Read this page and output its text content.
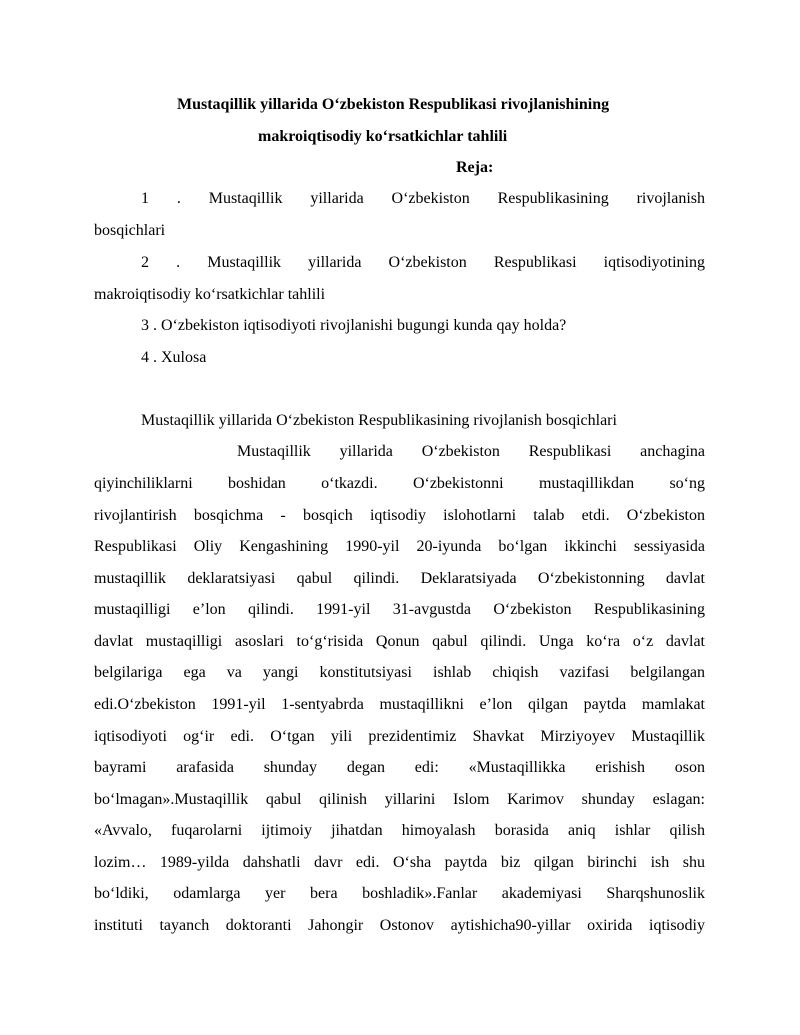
Mustaqillik yillarida O‘zbekiston Respublikasi rivojlanishining
makroiqtisodiy ko‘rsatkichlar tahlili
Reja:
1 . Mustaqillik yillarida O‘zbekiston Respublikasining rivojlanish
bosqichlari
2 . Mustaqillik yillarida O‘zbekiston Respublikasi iqtisodiyotining
makroiqtisodiy ko‘rsatkichlar tahlili
3 . O‘zbekiston iqtisodiyoti rivojlanishi bugungi kunda qay holda?
4 . Xulosa
Mustaqillik yillarida O‘zbekiston Respublikasining rivojlanish bosqichlari
Mustaqillik yillarida O‘zbekiston Respublikasi anchagina
qiyinchiliklarni boshidan o‘tkazdi. O‘zbekistonni mustaqillikdan so‘ng
rivojlantirish bosqichma - bosqich iqtisodiy islohotlarni talab etdi. O‘zbekiston
Respublikasi Oliy Kengashining 1990-yil 20-iyunda bo‘lgan ikkinchi sessiyasida
mustaqillik deklaratsiyasi qabul qilindi. Deklaratsiyada O‘zbekistonning davlat
mustaqilligi e’lon qilindi. 1991-yil 31-avgustda O‘zbekiston Respublikasining
davlat mustaqilligi asoslari to‘g‘risida Qonun qabul qilindi. Unga ko‘ra o‘z davlat
belgilariga ega va yangi konstitutsiyasi ishlab chiqish vazifasi belgilangan
edi.O‘zbekiston 1991-yil 1-sentyabrda mustaqillikni e’lon qilgan paytda mamlakat
iqtisodiyoti og‘ir edi. O‘tgan yili prezidentimiz Shavkat Mirziyoyev Mustaqillik
bayrami arafasida shunday degan edi: «Mustaqillikka erishish oson
bo‘lmagan».Mustaqillik qabul qilinish yillarini Islom Karimov shunday eslagan:
«Avvalo, fuqarolarni ijtimoiy jihatdan himoyalash borasida aniq ishlar qilish
lozim… 1989-yilda dahshatli davr edi. O‘sha paytda biz qilgan birinchi ish shu
bo‘ldiki, odamlarga yer bera boshladik».Fanlar akademiyasi Sharqshunoslik
instituti tayanch doktoranti Jahongir Ostonov aytishicha90-yillar oxirida iqtisodiy
